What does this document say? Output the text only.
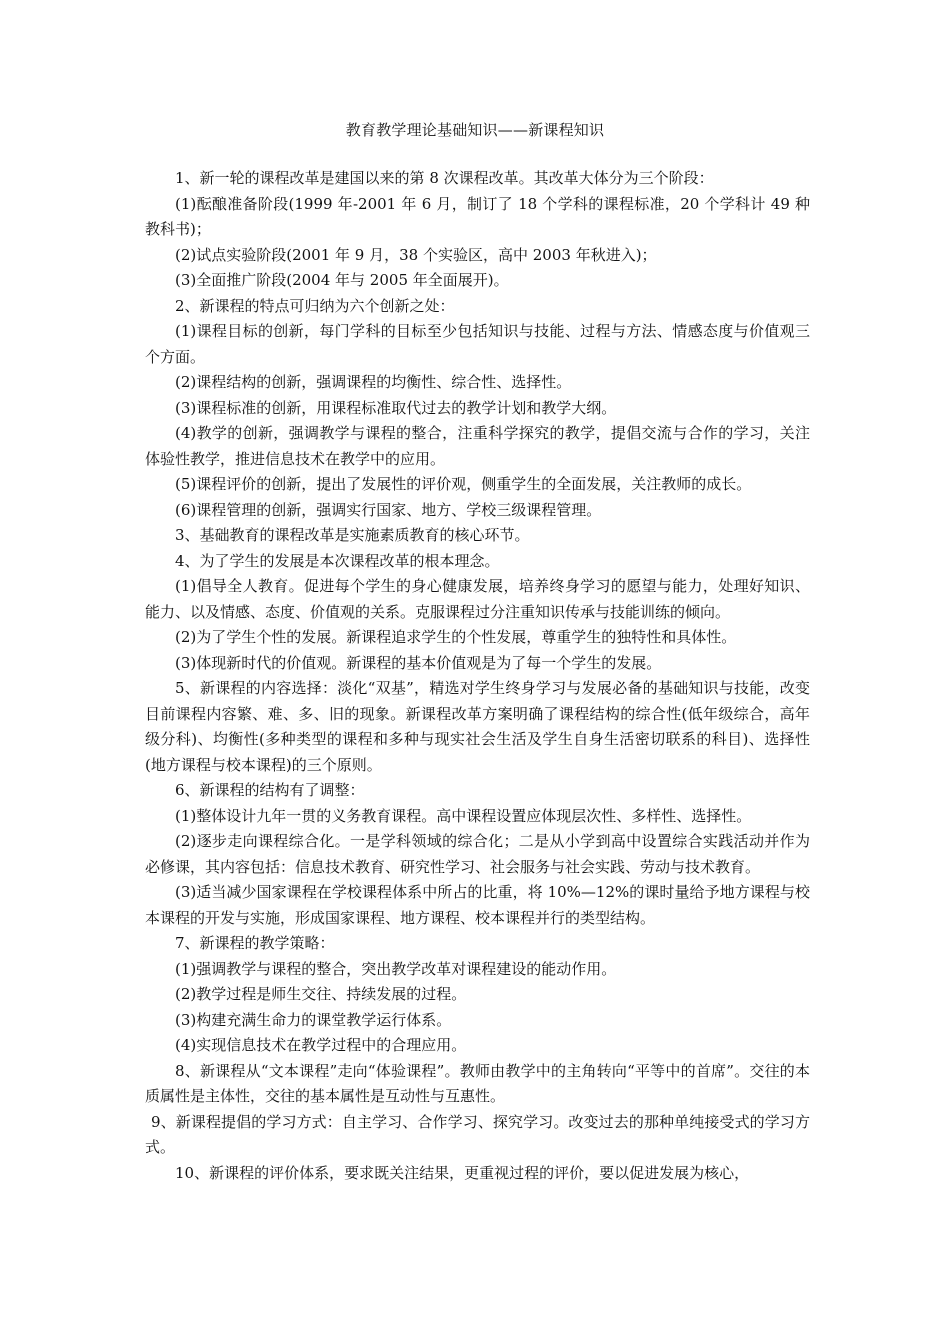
教育教学理论基础知识——新课程知识

1、新一轮的课程改革是建国以来的第 8 次课程改革。其改革大体分为三个阶段：

(1)酝酿准备阶段(1999 年-2001 年 6 月，制订了 18 个学科的课程标准，20 个学科计 49 种教科书)；

(2)试点实验阶段(2001 年 9 月，38 个实验区，高中 2003 年秋进入)；

(3)全面推广阶段(2004 年与 2005 年全面展开)。

2、新课程的特点可归纳为六个创新之处：

(1)课程目标的创新，每门学科的目标至少包括知识与技能、过程与方法、情感态度与价值观三个方面。

(2)课程结构的创新，强调课程的均衡性、综合性、选择性。

(3)课程标准的创新，用课程标准取代过去的教学计划和教学大纲。

(4)教学的创新，强调教学与课程的整合，注重科学探究的教学，提倡交流与合作的学习，关注体验性教学，推进信息技术在教学中的应用。

(5)课程评价的创新，提出了发展性的评价观，侧重学生的全面发展，关注教师的成长。

(6)课程管理的创新，强调实行国家、地方、学校三级课程管理。

3、基础教育的课程改革是实施素质教育的核心环节。

4、为了学生的发展是本次课程改革的根本理念。

(1)倡导全人教育。促进每个学生的身心健康发展，培养终身学习的愿望与能力，处理好知识、能力、以及情感、态度、价值观的关系。克服课程过分注重知识传承与技能训练的倾向。

(2)为了学生个性的发展。新课程追求学生的个性发展，尊重学生的独特性和具体性。

(3)体现新时代的价值观。新课程的基本价值观是为了每一个学生的发展。

5、新课程的内容选择：淡化“双基”，精选对学生终身学习与发展必备的基础知识与技能，改变目前课程内容繁、难、多、旧的现象。新课程改革方案明确了课程结构的综合性(低年级综合，高年级分科)、均衡性(多种类型的课程和多种与现实社会生活及学生自身生活密切联系的科目)、选择性(地方课程与校本课程)的三个原则。

6、新课程的结构有了调整：

(1)整体设计九年一贯的义务教育课程。高中课程设置应体现层次性、多样性、选择性。

(2)逐步走向课程综合化。一是学科领域的综合化；二是从小学到高中设置综合实践活动并作为必修课，其内容包括：信息技术教育、研究性学习、社会服务与社会实践、劳动与技术教育。

(3)适当减少国家课程在学校课程体系中所占的比重，将 10%—12%的课时量给予地方课程与校本课程的开发与实施，形成国家课程、地方课程、校本课程并行的类型结构。

7、新课程的教学策略：

(1)强调教学与课程的整合，突出教学改革对课程建设的能动作用。

(2)教学过程是师生交往、持续发展的过程。

(3)构建充满生命力的课堂教学运行体系。

(4)实现信息技术在教学过程中的合理应用。

8、新课程从“文本课程”走向“体验课程”。教师由教学中的主角转向“平等中的首席”。交往的本质属性是主体性，交往的基本属性是互动性与互惠性。

9、新课程提倡的学习方式：自主学习、合作学习、探究学习。改变过去的那种单纯接受式的学习方式。

10、新课程的评价体系，要求既关注结果，更重视过程的评价，要以促进发展为核心，
